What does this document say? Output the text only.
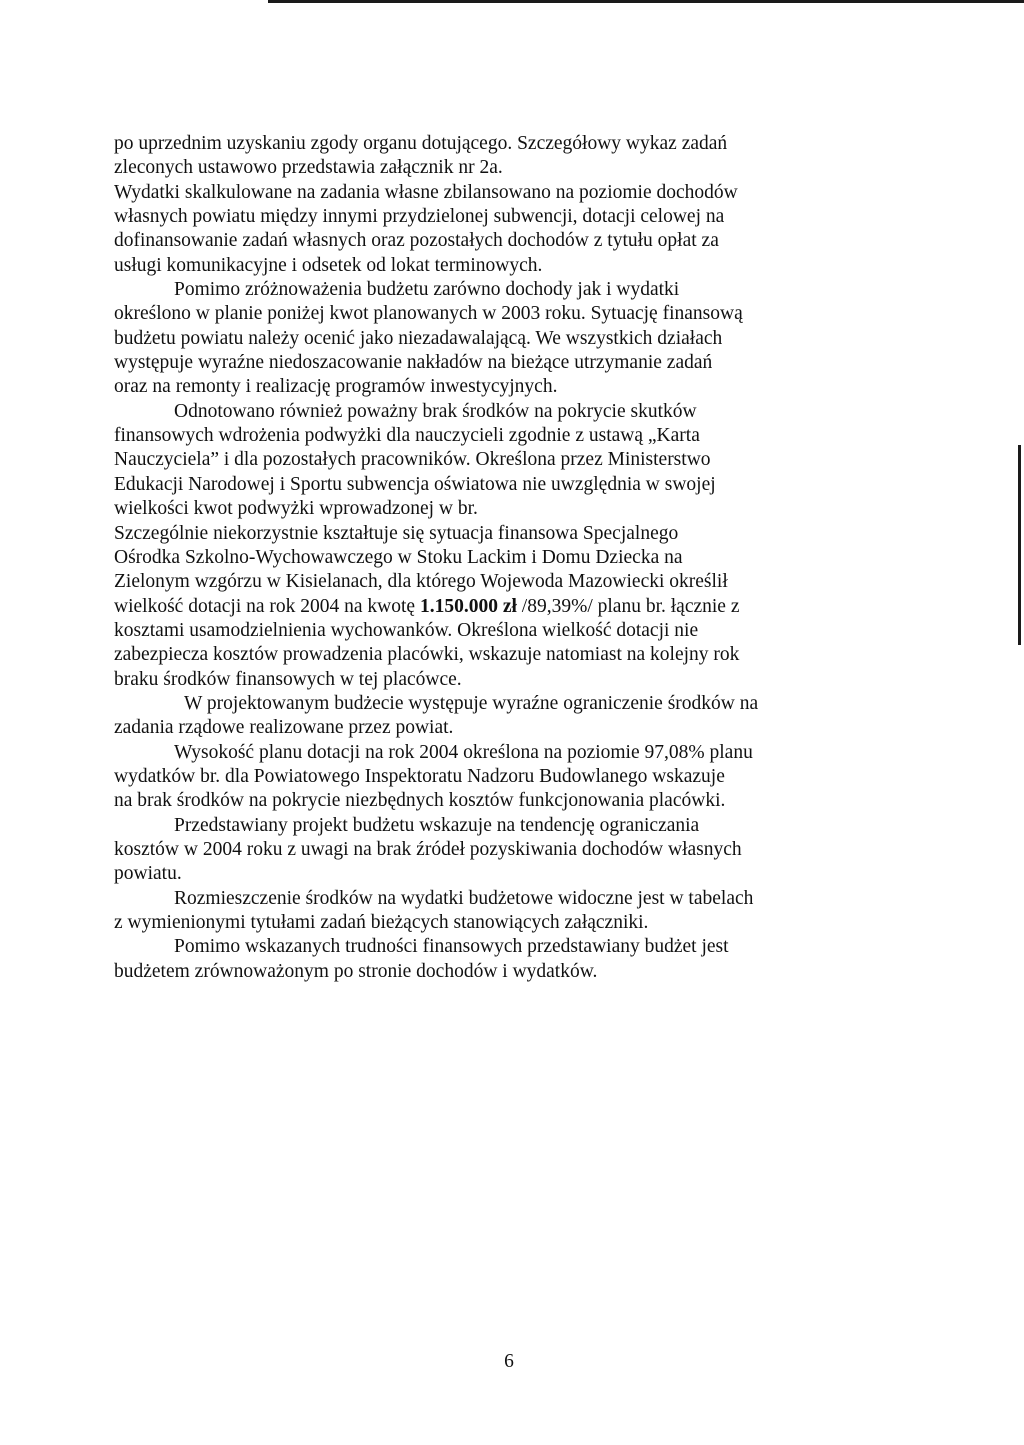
po uprzednim uzyskaniu zgody organu dotującego. Szczegółowy wykaz zadań
zleconych ustawowo przedstawia załącznik nr 2a.
Wydatki skalkulowane na zadania własne zbilansowano na poziomie dochodów
własnych powiatu między innymi przydzielonej subwencji, dotacji celowej na
dofinansowanie zadań własnych oraz pozostałych dochodów z tytułu opłat za
usługi komunikacyjne i odsetek od lokat terminowych.
Pomimo zróżnoważenia budżetu zarówno dochody jak i wydatki
określono w planie poniżej kwot planowanych w 2003 roku. Sytuację finansową
budżetu powiatu należy ocenić jako niezadawalającą. We wszystkich działach
występuje wyraźne niedoszacowanie nakładów na bieżące utrzymanie zadań
oraz na remonty i realizację programów inwestycyjnych.
Odnotowano również poważny brak środków na pokrycie skutków
finansowych wdrożenia podwyżki dla nauczycieli zgodnie z ustawą „Karta
Nauczyciela” i dla pozostałych pracowników. Określona przez Ministerstwo
Edukacji Narodowej i Sportu subwencja oświatowa nie uwzględnia w swojej
wielkości kwot podwyżki wprowadzonej w br.
Szczególnie niekorzystnie kształtuje się sytuacja finansowa Specjalnego
Ośrodka Szkolno-Wychowawczego w Stoku Lackim i Domu Dziecka na
Zielonym wzgórzu w Kisielanach, dla którego Wojewoda Mazowiecki określił
wielkość dotacji na rok 2004 na kwotę 1.150.000 zł /89,39%/ planu br. łącznie z
kosztami usamodzielnienia wychowanków. Określona wielkość dotacji nie
zabezpiecza kosztów prowadzenia placówki, wskazuje natomiast na kolejny rok
braku środków finansowych w tej placówce.
W projektowanym budżecie występuje wyraźne ograniczenie środków na
zadania rządowe realizowane przez powiat.
Wysokość planu dotacji na rok 2004 określona na poziomie 97,08% planu
wydatków br. dla Powiatowego Inspektoratu Nadzoru Budowlanego wskazuje
na brak środków na pokrycie niezbędnych kosztów funkcjonowania placówki.
Przedstawiany projekt budżetu wskazuje na tendencję ograniczania
kosztów w 2004 roku z uwagi na brak źródeł pozyskiwania dochodów własnych
powiatu.
Rozmieszczenie środków na wydatki budżetowe widoczne jest w tabelach
z wymienionymi tytułami zadań bieżących stanowiących załączniki.
Pomimo wskazanych trudności finansowych przedstawiany budżet jest
budżetem zrównoważonym po stronie dochodów i wydatków.
6
